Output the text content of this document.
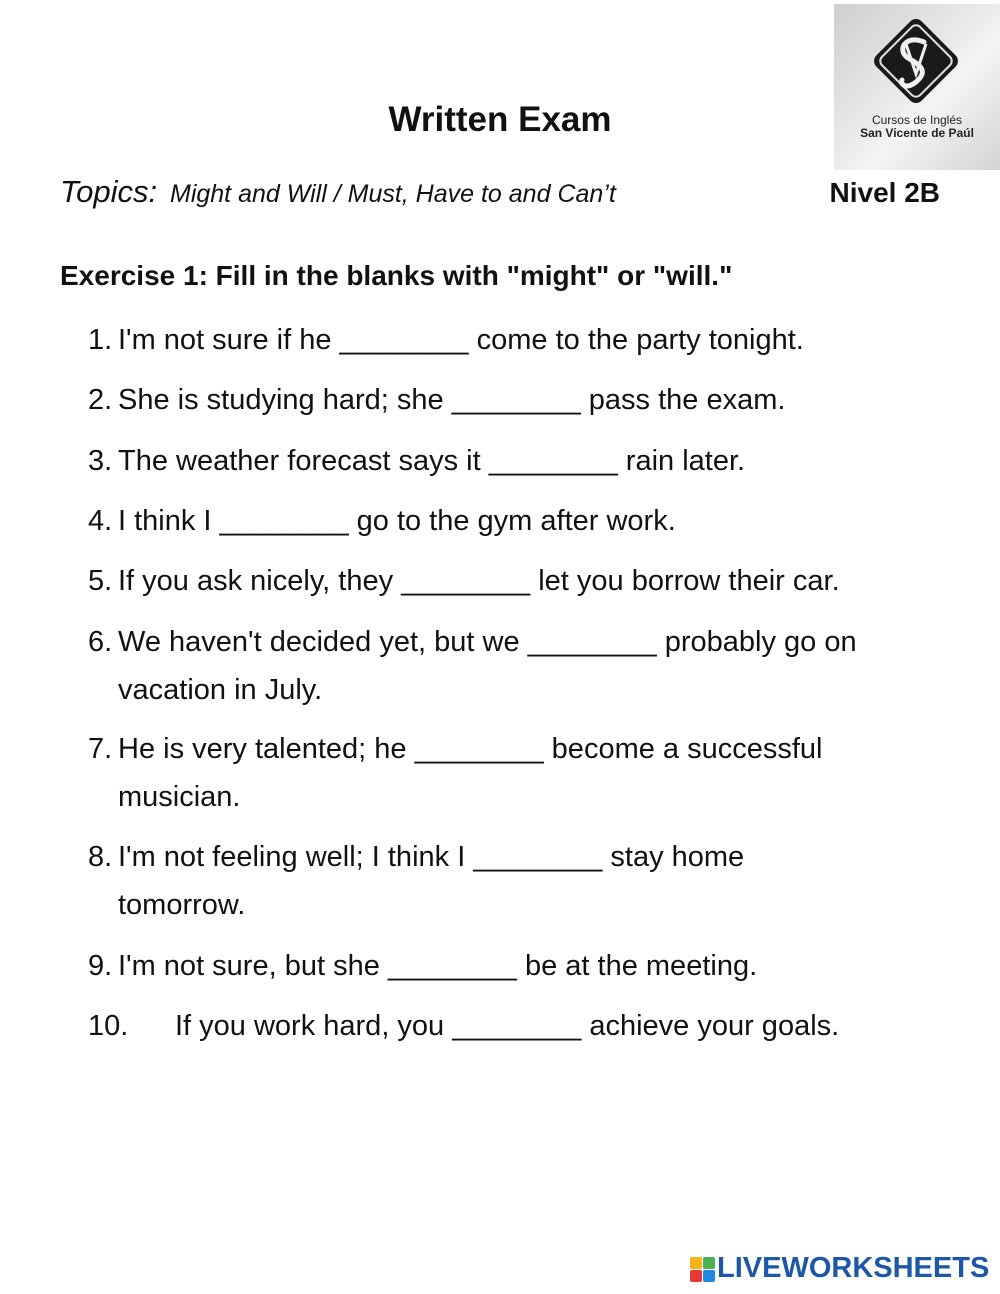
Cursos de Inglés
San Vicente de Paúl
Written Exam
Topics: Might and Will / Must, Have to and Can’t	Nivel 2B
Exercise 1: Fill in the blanks with "might" or "will."
1. I'm not sure if he ________ come to the party tonight.
2. She is studying hard; she ________ pass the exam.
3. The weather forecast says it ________ rain later.
4. I think I ________ go to the gym after work.
5. If you ask nicely, they ________ let you borrow their car.
6. We haven't decided yet, but we ________ probably go on vacation in July.
7. He is very talented; he ________ become a successful musician.
8. I'm not feeling well; I think I ________ stay home tomorrow.
9. I'm not sure, but she ________ be at the meeting.
10. If you work hard, you ________ achieve your goals.
LIVEWORKSHEETS
